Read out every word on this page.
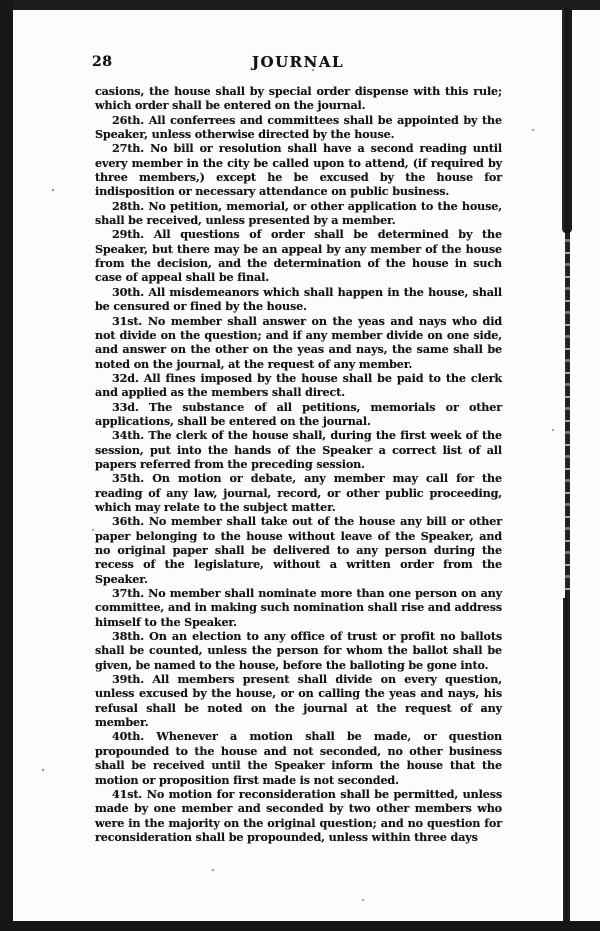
28	JOURNAL

casions, the house shall by special order dispense with this rule; which order shall be entered on the journal.

26th. All conferrees and committees shall be appointed by the Speaker, unless otherwise directed by the house.

27th. No bill or resolution shall have a second reading until every member in the city be called upon to attend, (if required by three members,) except he be excused by the house for indisposition or necessary attendance on public business.

28th. No petition, memorial, or other application to the house, shall be received, unless presented by a member.

29th. All questions of order shall be determined by the Speaker, but there may be an appeal by any member of the house from the decision, and the determination of the house in such case of appeal shall be final.

30th. All misdemeanors which shall happen in the house, shall be censured or fined by the house.

31st. No member shall answer on the yeas and nays who did not divide on the question; and if any member divide on one side, and answer on the other on the yeas and nays, the same shall be noted on the journal, at the request of any member.

32d. All fines imposed by the house shall be paid to the clerk and applied as the members shall direct.

33d. The substance of all petitions, memorials or other applications, shall be entered on the journal.

34th. The clerk of the house shall, during the first week of the session, put into the hands of the Speaker a correct list of all papers referred from the preceding session.

35th. On motion or debate, any member may call for the reading of any law, journal, record, or other public proceeding, which may relate to the subject matter.

36th. No member shall take out of the house any bill or other paper belonging to the house without leave of the Speaker, and no original paper shall be delivered to any person during the recess of the legislature, without a written order from the Speaker.

37th. No member shall nominate more than one person on any committee, and in making such nomination shall rise and address himself to the Speaker.

38th. On an election to any office of trust or profit no ballots shall be counted, unless the person for whom the ballot shall be given, be named to the house, before the balloting be gone into.

39th. All members present shall divide on every question, unless excused by the house, or on calling the yeas and nays, his refusal shall be noted on the journal at the request of any member.

40th. Whenever a motion shall be made, or question propounded to the house and not seconded, no other business shall be received until the Speaker inform the house that the motion or proposition first made is not seconded.

41st. No motion for reconsideration shall be permitted, unless made by one member and seconded by two other members who were in the majority on the original question; and no question for reconsideration shall be propounded, unless within three days
